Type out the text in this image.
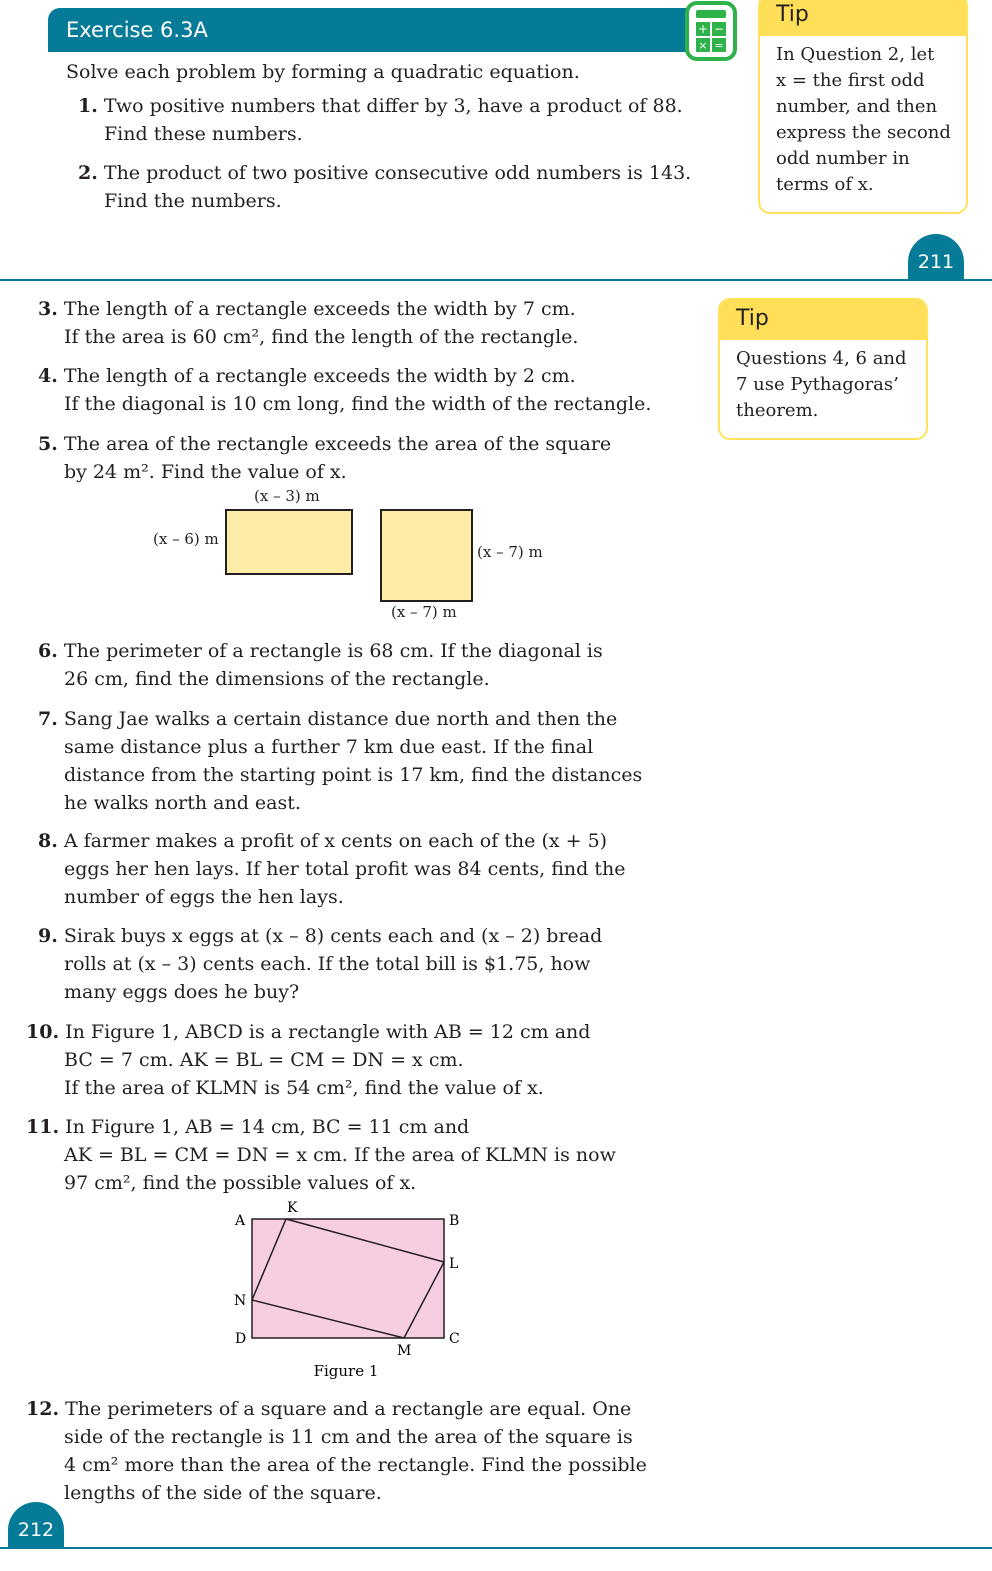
Exercise 6.3A	+ −
× =
Solve each problem by forming a quadratic equation.
1. Two positive numbers that differ by 3, have a product of 88.
Find these numbers.
2. The product of two positive consecutive odd numbers is 143.
Find the numbers.
Tip
In Question 2, let
x = the first odd
number, and then
express the second
odd number in
terms of x.
211
Tip
Questions 4, 6 and
7 use Pythagoras’
theorem.
3. The length of a rectangle exceeds the width by 7 cm.
If the area is 60 cm², find the length of the rectangle.
4. The length of a rectangle exceeds the width by 2 cm.
If the diagonal is 10 cm long, find the width of the rectangle.
5. The area of the rectangle exceeds the area of the square
by 24 m². Find the value of x.
(x – 3) m
(x – 6) m
(x – 7) m
(x – 7) m
6. The perimeter of a rectangle is 68 cm. If the diagonal is
26 cm, find the dimensions of the rectangle.
7. Sang Jae walks a certain distance due north and then the
same distance plus a further 7 km due east. If the final
distance from the starting point is 17 km, find the distances
he walks north and east.
8. A farmer makes a profit of x cents on each of the (x + 5)
eggs her hen lays. If her total profit was 84 cents, find the
number of eggs the hen lays.
9. Sirak buys x eggs at (x – 8) cents each and (x – 2) bread
rolls at (x – 3) cents each. If the total bill is $1.75, how
many eggs does he buy?
10. In Figure 1, ABCD is a rectangle with AB = 12 cm and
BC = 7 cm. AK = BL = CM = DN = x cm.
If the area of KLMN is 54 cm², find the value of x.
11. In Figure 1, AB = 14 cm, BC = 11 cm and
AK = BL = CM = DN = x cm. If the area of KLMN is now
97 cm², find the possible values of x.
A	B
C
D
K
L
M
N
Figure 1
12. The perimeters of a square and a rectangle are equal. One
side of the rectangle is 11 cm and the area of the square is
4 cm² more than the area of the rectangle. Find the possible
lengths of the side of the square.
212
